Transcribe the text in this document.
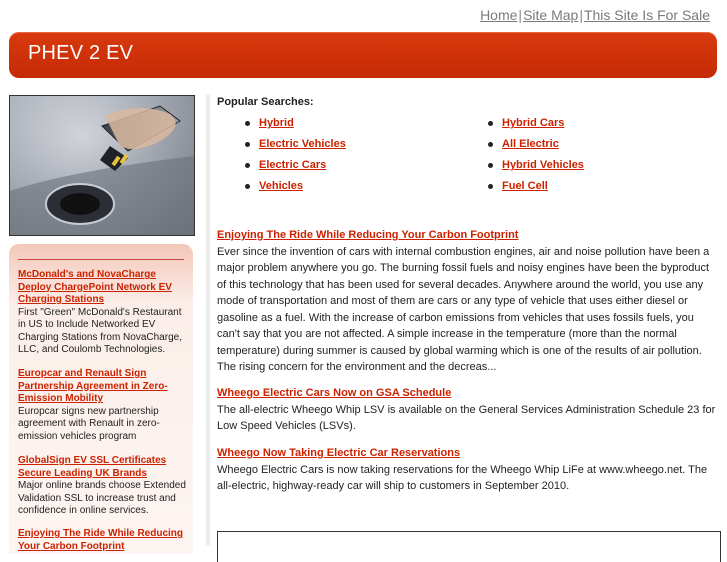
Home|Site Map|This Site Is For Sale
PHEV 2 EV
McDonald's and NovaCharge Deploy ChargePoint Network EV Charging Stations
First "Green" McDonald's Restaurant in US to Include Networked EV Charging Stations from NovaCharge, LLC, and Coulomb Technologies.
Europcar and Renault Sign Partnership Agreement in Zero-Emission Mobility
Europcar signs new partnership agreement with Renault in zero-emission vehicles program
GlobalSign EV SSL Certificates Secure Leading UK Brands
Major online brands choose Extended Validation SSL to increase trust and confidence in online services.
Enjoying The Ride While Reducing Your Carbon Footprint
Popular Searches:
Hybrid
Electric Vehicles
Electric Cars
Vehicles
Hybrid Cars
All Electric
Hybrid Vehicles
Fuel Cell
Enjoying The Ride While Reducing Your Carbon Footprint
Ever since the invention of cars with internal combustion engines, air and noise pollution have been a major problem anywhere you go. The burning fossil fuels and noisy engines have been the byproduct of this technology that has been used for several decades. Anywhere around the world, you use any mode of transportation and most of them are cars or any type of vehicle that uses either diesel or gasoline as a fuel. With the increase of carbon emissions from vehicles that uses fossils fuels, you can't say that you are not affected. A simple increase in the temperature (more than the normal temperature) during summer is caused by global warming which is one of the results of air pollution. The rising concern for the environment and the decreas...
Wheego Electric Cars Now on GSA Schedule
The all-electric Wheego Whip LSV is available on the General Services Administration Schedule 23 for Low Speed Vehicles (LSVs).
Wheego Now Taking Electric Car Reservations
Wheego Electric Cars is now taking reservations for the Wheego Whip LiFe at www.wheego.net. The all-electric, highway-ready car will ship to customers in September 2010.
